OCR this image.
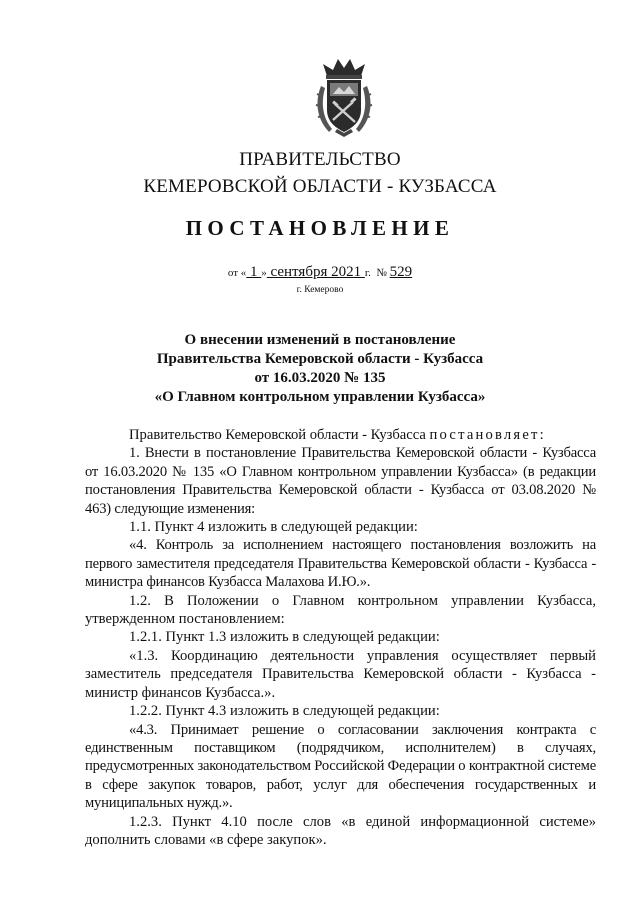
ПРАВИТЕЛЬСТВО
КЕМЕРОВСКОЙ ОБЛАСТИ - КУЗБАССА
ПОСТАНОВЛЕНИЕ
от « 1 » сентября 2021 г. № 529
г. Кемерово
О внесении изменений в постановление
Правительства Кемеровской области - Кузбасса
от 16.03.2020 № 135
«О Главном контрольном управлении Кузбасса»

Правительство Кемеровской области - Кузбасса постановляет:

1. Внести в постановление Правительства Кемеровской области - Кузбасса от 16.03.2020 № 135 «О Главном контрольном управлении Кузбасса» (в редакции постановления Правительства Кемеровской области - Кузбасса от 03.08.2020 № 463) следующие изменения:

1.1. Пункт 4 изложить в следующей редакции:

«4. Контроль за исполнением настоящего постановления возложить на первого заместителя председателя Правительства Кемеровской области - Кузбасса - министра финансов Кузбасса Малахова И.Ю.».

1.2. В Положении о Главном контрольном управлении Кузбасса, утвержденном постановлением:

1.2.1. Пункт 1.3 изложить в следующей редакции:

«1.3. Координацию деятельности управления осуществляет первый заместитель председателя Правительства Кемеровской области - Кузбасса - министр финансов Кузбасса.».

1.2.2. Пункт 4.3 изложить в следующей редакции:

«4.3. Принимает решение о согласовании заключения контракта с единственным поставщиком (подрядчиком, исполнителем) в случаях, предусмотренных законодательством Российской Федерации о контрактной системе в сфере закупок товаров, работ, услуг для обеспечения государственных и муниципальных нужд.».

1.2.3. Пункт 4.10 после слов «в единой информационной системе» дополнить словами «в сфере закупок».
